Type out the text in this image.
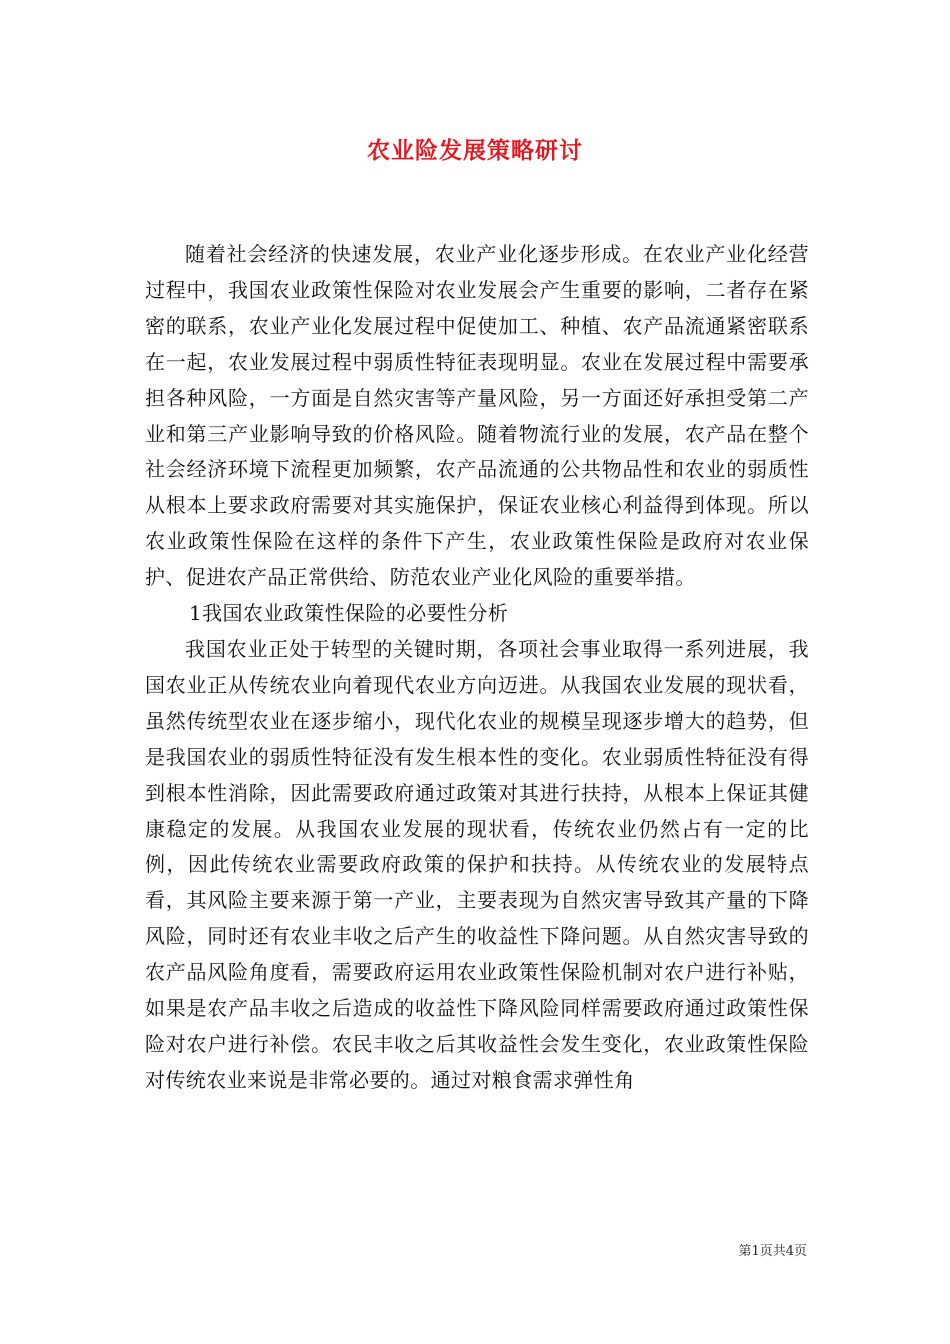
农业险发展策略研讨

随着社会经济的快速发展，农业产业化逐步形成。在农业产业化经营过程中，我国农业政策性保险对农业发展会产生重要的影响，二者存在紧密的联系，农业产业化发展过程中促使加工、种植、农产品流通紧密联系在一起，农业发展过程中弱质性特征表现明显。农业在发展过程中需要承担各种风险，一方面是自然灾害等产量风险，另一方面还好承担受第二产业和第三产业影响导致的价格风险。随着物流行业的发展，农产品在整个社会经济环境下流程更加频繁，农产品流通的公共物品性和农业的弱质性从根本上要求政府需要对其实施保护，保证农业核心利益得到体现。所以农业政策性保险在这样的条件下产生，农业政策性保险是政府对农业保护、促进农产品正常供给、防范农业产业化风险的重要举措。

1我国农业政策性保险的必要性分析

我国农业正处于转型的关键时期，各项社会事业取得一系列进展，我国农业正从传统农业向着现代农业方向迈进。从我国农业发展的现状看，虽然传统型农业在逐步缩小，现代化农业的规模呈现逐步增大的趋势，但是我国农业的弱质性特征没有发生根本性的变化。农业弱质性特征没有得到根本性消除，因此需要政府通过政策对其进行扶持，从根本上保证其健康稳定的发展。从我国农业发展的现状看，传统农业仍然占有一定的比例，因此传统农业需要政府政策的保护和扶持。从传统农业的发展特点看，其风险主要来源于第一产业，主要表现为自然灾害导致其产量的下降风险，同时还有农业丰收之后产生的收益性下降问题。从自然灾害导致的农产品风险角度看，需要政府运用农业政策性保险机制对农户进行补贴，如果是农产品丰收之后造成的收益性下降风险同样需要政府通过政策性保险对农户进行补偿。农民丰收之后其收益性会发生变化，农业政策性保险对传统农业来说是非常必要的。通过对粮食需求弹性角

第1页共4页
